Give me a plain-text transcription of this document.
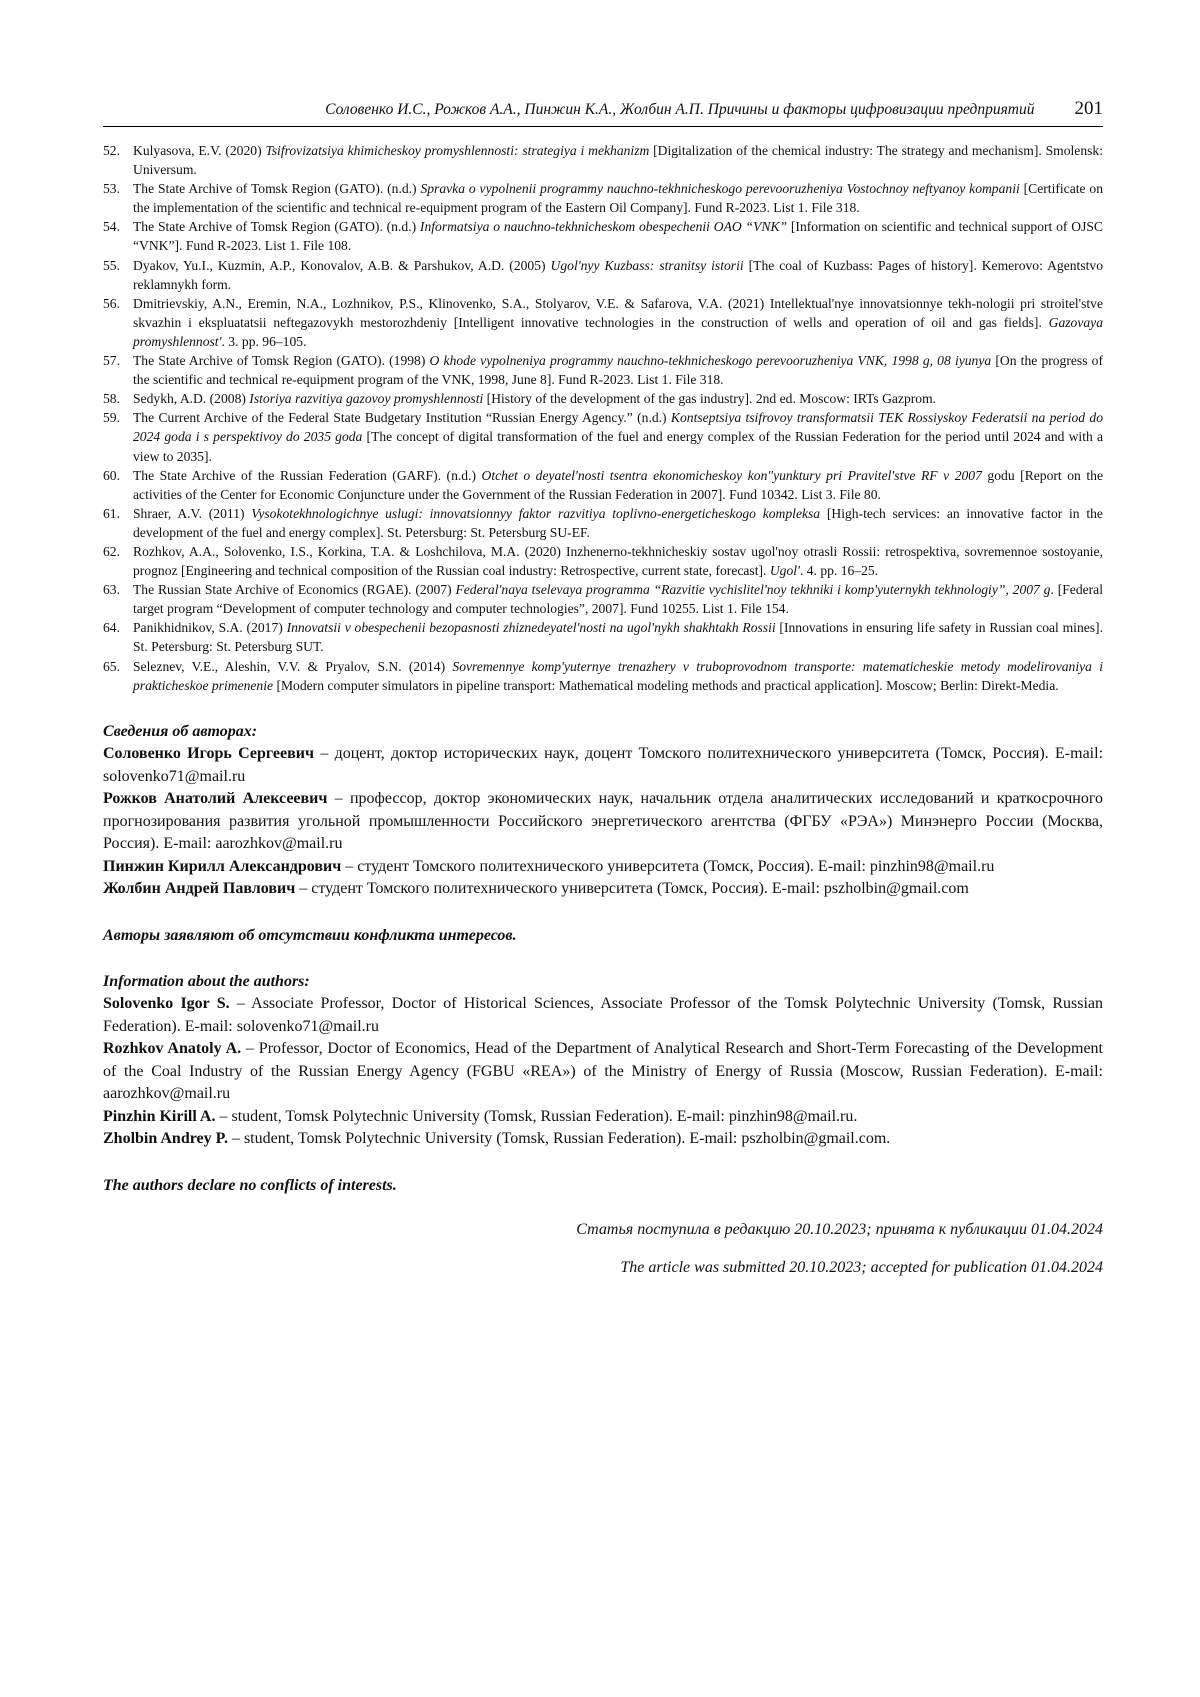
Соловенко И.С., Рожков А.А., Пинжин К.А., Жолбин А.П. Причины и факторы цифровизации предприятий 201
52. Kulyasova, E.V. (2020) Tsifrovizatsiya khimicheskoy promyshlennosti: strategiya i mekhanizm [Digitalization of the chemical industry: The strategy and mechanism]. Smolensk: Universum.
53. The State Archive of Tomsk Region (GATO). (n.d.) Spravka o vypolnenii programmy nauchno-tekhnicheskogo perevooruzheniya Vostochnoy neftyanoy kompanii [Certificate on the implementation of the scientific and technical re-equipment program of the Eastern Oil Company]. Fund R-2023. List 1. File 318.
54. The State Archive of Tomsk Region (GATO). (n.d.) Informatsiya o nauchno-tekhnicheskom obespechenii OAO “VNK” [Information on scientific and technical support of OJSC “VNK”]. Fund R-2023. List 1. File 108.
55. Dyakov, Yu.I., Kuzmin, A.P., Konovalov, A.B. & Parshukov, A.D. (2005) Ugol'nyy Kuzbass: stranitsy istorii [The coal of Kuzbass: Pages of history]. Kemerovo: Agentstvo reklamnykh form.
56. Dmitrievskiy, A.N., Eremin, N.A., Lozhnikov, P.S., Klinovenko, S.A., Stolyarov, V.E. & Safarova, V.A. (2021) Intellektual'nye innovatsionnye tekh-nologii pri stroitel'stve skvazhin i ekspluatatsii neftegazovykh mestorozhdeniy [Intelligent innovative technologies in the construction of wells and operation of oil and gas fields]. Gazovaya promyshlennost'. 3. pp. 96–105.
57. The State Archive of Tomsk Region (GATO). (1998) O khode vypolneniya programmy nauchno-tekhnicheskogo perevooruzheniya VNK, 1998 g, 08 iyunya [On the progress of the scientific and technical re-equipment program of the VNK, 1998, June 8]. Fund R-2023. List 1. File 318.
58. Sedykh, A.D. (2008) Istoriya razvitiya gazovoy promyshlennosti [History of the development of the gas industry]. 2nd ed. Moscow: IRTs Gazprom.
59. The Current Archive of the Federal State Budgetary Institution “Russian Energy Agency.” (n.d.) Kontseptsiya tsifrovoy transformatsii TEK Rossiyskoy Federatsii na period do 2024 goda i s perspektivoy do 2035 goda [The concept of digital transformation of the fuel and energy complex of the Russian Federation for the period until 2024 and with a view to 2035].
60. The State Archive of the Russian Federation (GARF). (n.d.) Otchet o deyatel'nosti tsentra ekonomicheskoy kon"yunktury pri Pravitel'stve RF v 2007 godu [Report on the activities of the Center for Economic Conjuncture under the Government of the Russian Federation in 2007]. Fund 10342. List 3. File 80.
61. Shraer, A.V. (2011) Vysokotekhnologichnye uslugi: innovatsionnyy faktor razvitiya toplivno-energeticheskogo kompleksa [High-tech services: an innovative factor in the development of the fuel and energy complex]. St. Petersburg: St. Petersburg SU-EF.
62. Rozhkov, A.A., Solovenko, I.S., Korkina, T.A. & Loshchilova, M.A. (2020) Inzhenerno-tekhnicheskiy sostav ugol'noy otrasli Rossii: retrospektiva, sovremennoe sostoyanie, prognoz [Engineering and technical composition of the Russian coal industry: Retrospective, current state, forecast]. Ugol'. 4. pp. 16–25.
63. The Russian State Archive of Economics (RGAE). (2007) Federal'naya tselevaya programma “Razvitie vychislitel'noy tekhniki i komp'yuternykh tekhnologiy”, 2007 g. [Federal target program “Development of computer technology and computer technologies”, 2007]. Fund 10255. List 1. File 154.
64. Panikhidnikov, S.A. (2017) Innovatsii v obespechenii bezopasnosti zhiznedeyatel'nosti na ugol'nykh shakhtakh Rossii [Innovations in ensuring life safety in Russian coal mines]. St. Petersburg: St. Petersburg SUT.
65. Seleznev, V.E., Aleshin, V.V. & Pryalov, S.N. (2014) Sovremennye komp'yuternye trenazhery v truboprovodnom transporte: matematicheskie metody modelirovaniya i prakticheskoe primenenie [Modern computer simulators in pipeline transport: Mathematical modeling methods and practical application]. Moscow; Berlin: Direkt-Media.
Сведения об авторах:

Соловенко Игорь Сергеевич – доцент, доктор исторических наук, доцент Томского политехнического университета (Томск, Россия). E-mail: solovenko71@mail.ru

Рожков Анатолий Алексеевич – профессор, доктор экономических наук, начальник отдела аналитических исследований и краткосрочного прогнозирования развития угольной промышленности Российского энергетического агентства (ФГБУ «РЭА») Минэнерго России (Москва, Россия). E-mail: aarozhkov@mail.ru

Пинжин Кирилл Александрович – студент Томского политехнического университета (Томск, Россия). E-mail: pinzhin98@mail.ru

Жолбин Андрей Павлович – студент Томского политехнического университета (Томск, Россия). E-mail: pszholbin@gmail.com

Авторы заявляют об отсутствии конфликта интересов.
Information about the authors:

Solovenko Igor S. – Associate Professor, Doctor of Historical Sciences, Associate Professor of the Tomsk Polytechnic University (Tomsk, Russian Federation). E-mail: solovenko71@mail.ru

Rozhkov Anatoly A. – Professor, Doctor of Economics, Head of the Department of Analytical Research and Short-Term Forecasting of the Development of the Coal Industry of the Russian Energy Agency (FGBU «REA») of the Ministry of Energy of Russia (Moscow, Russian Federation). E-mail: aarozhkov@mail.ru

Pinzhin Kirill A. – student, Tomsk Polytechnic University (Tomsk, Russian Federation). E-mail: pinzhin98@mail.ru.

Zholbin Andrey P. – student, Tomsk Polytechnic University (Tomsk, Russian Federation). E-mail: pszholbin@gmail.com.

The authors declare no conflicts of interests.

Статья поступила в редакцию 20.10.2023; принята к публикации 01.04.2024

The article was submitted 20.10.2023; accepted for publication 01.04.2024
